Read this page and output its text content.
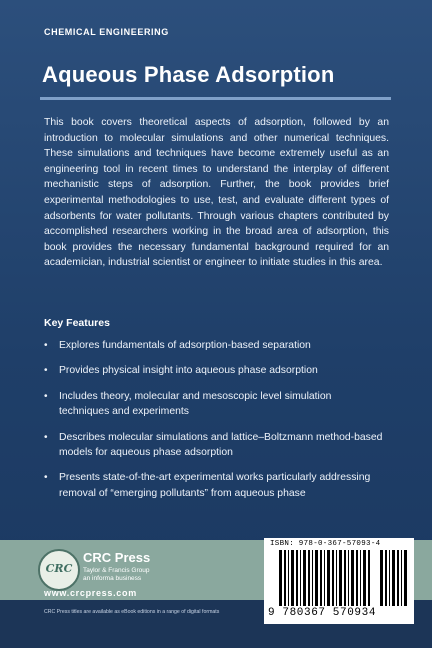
CHEMICAL ENGINEERING
Aqueous Phase Adsorption
This book covers theoretical aspects of adsorption, followed by an introduction to molecular simulations and other numerical techniques. These simulations and techniques have become extremely useful as an engineering tool in recent times to understand the interplay of different mechanistic steps of adsorption. Further, the book provides brief experimental methodologies to use, test, and evaluate different types of adsorbents for water pollutants. Through various chapters contributed by accomplished researchers working in the broad area of adsorption, this book provides the necessary fundamental background required for an academician, industrial scientist or engineer to initiate studies in this area.
Key Features
• Explores fundamentals of adsorption-based separation
• Provides physical insight into aqueous phase adsorption
• Includes theory, molecular and mesoscopic level simulation techniques and experiments
• Describes molecular simulations and lattice–Boltzmann method-based models for aqueous phase adsorption
• Presents state-of-the-art experimental works particularly addressing removal of “emerging pollutants” from aqueous phase
CRC
CRC Press
Taylor & Francis Group
an informa business
www.crcpress.com
CRC Press titles are available as eBook editions in a range of digital formats
ISBN: 978-0-367-57093-4
9 780367 570934
